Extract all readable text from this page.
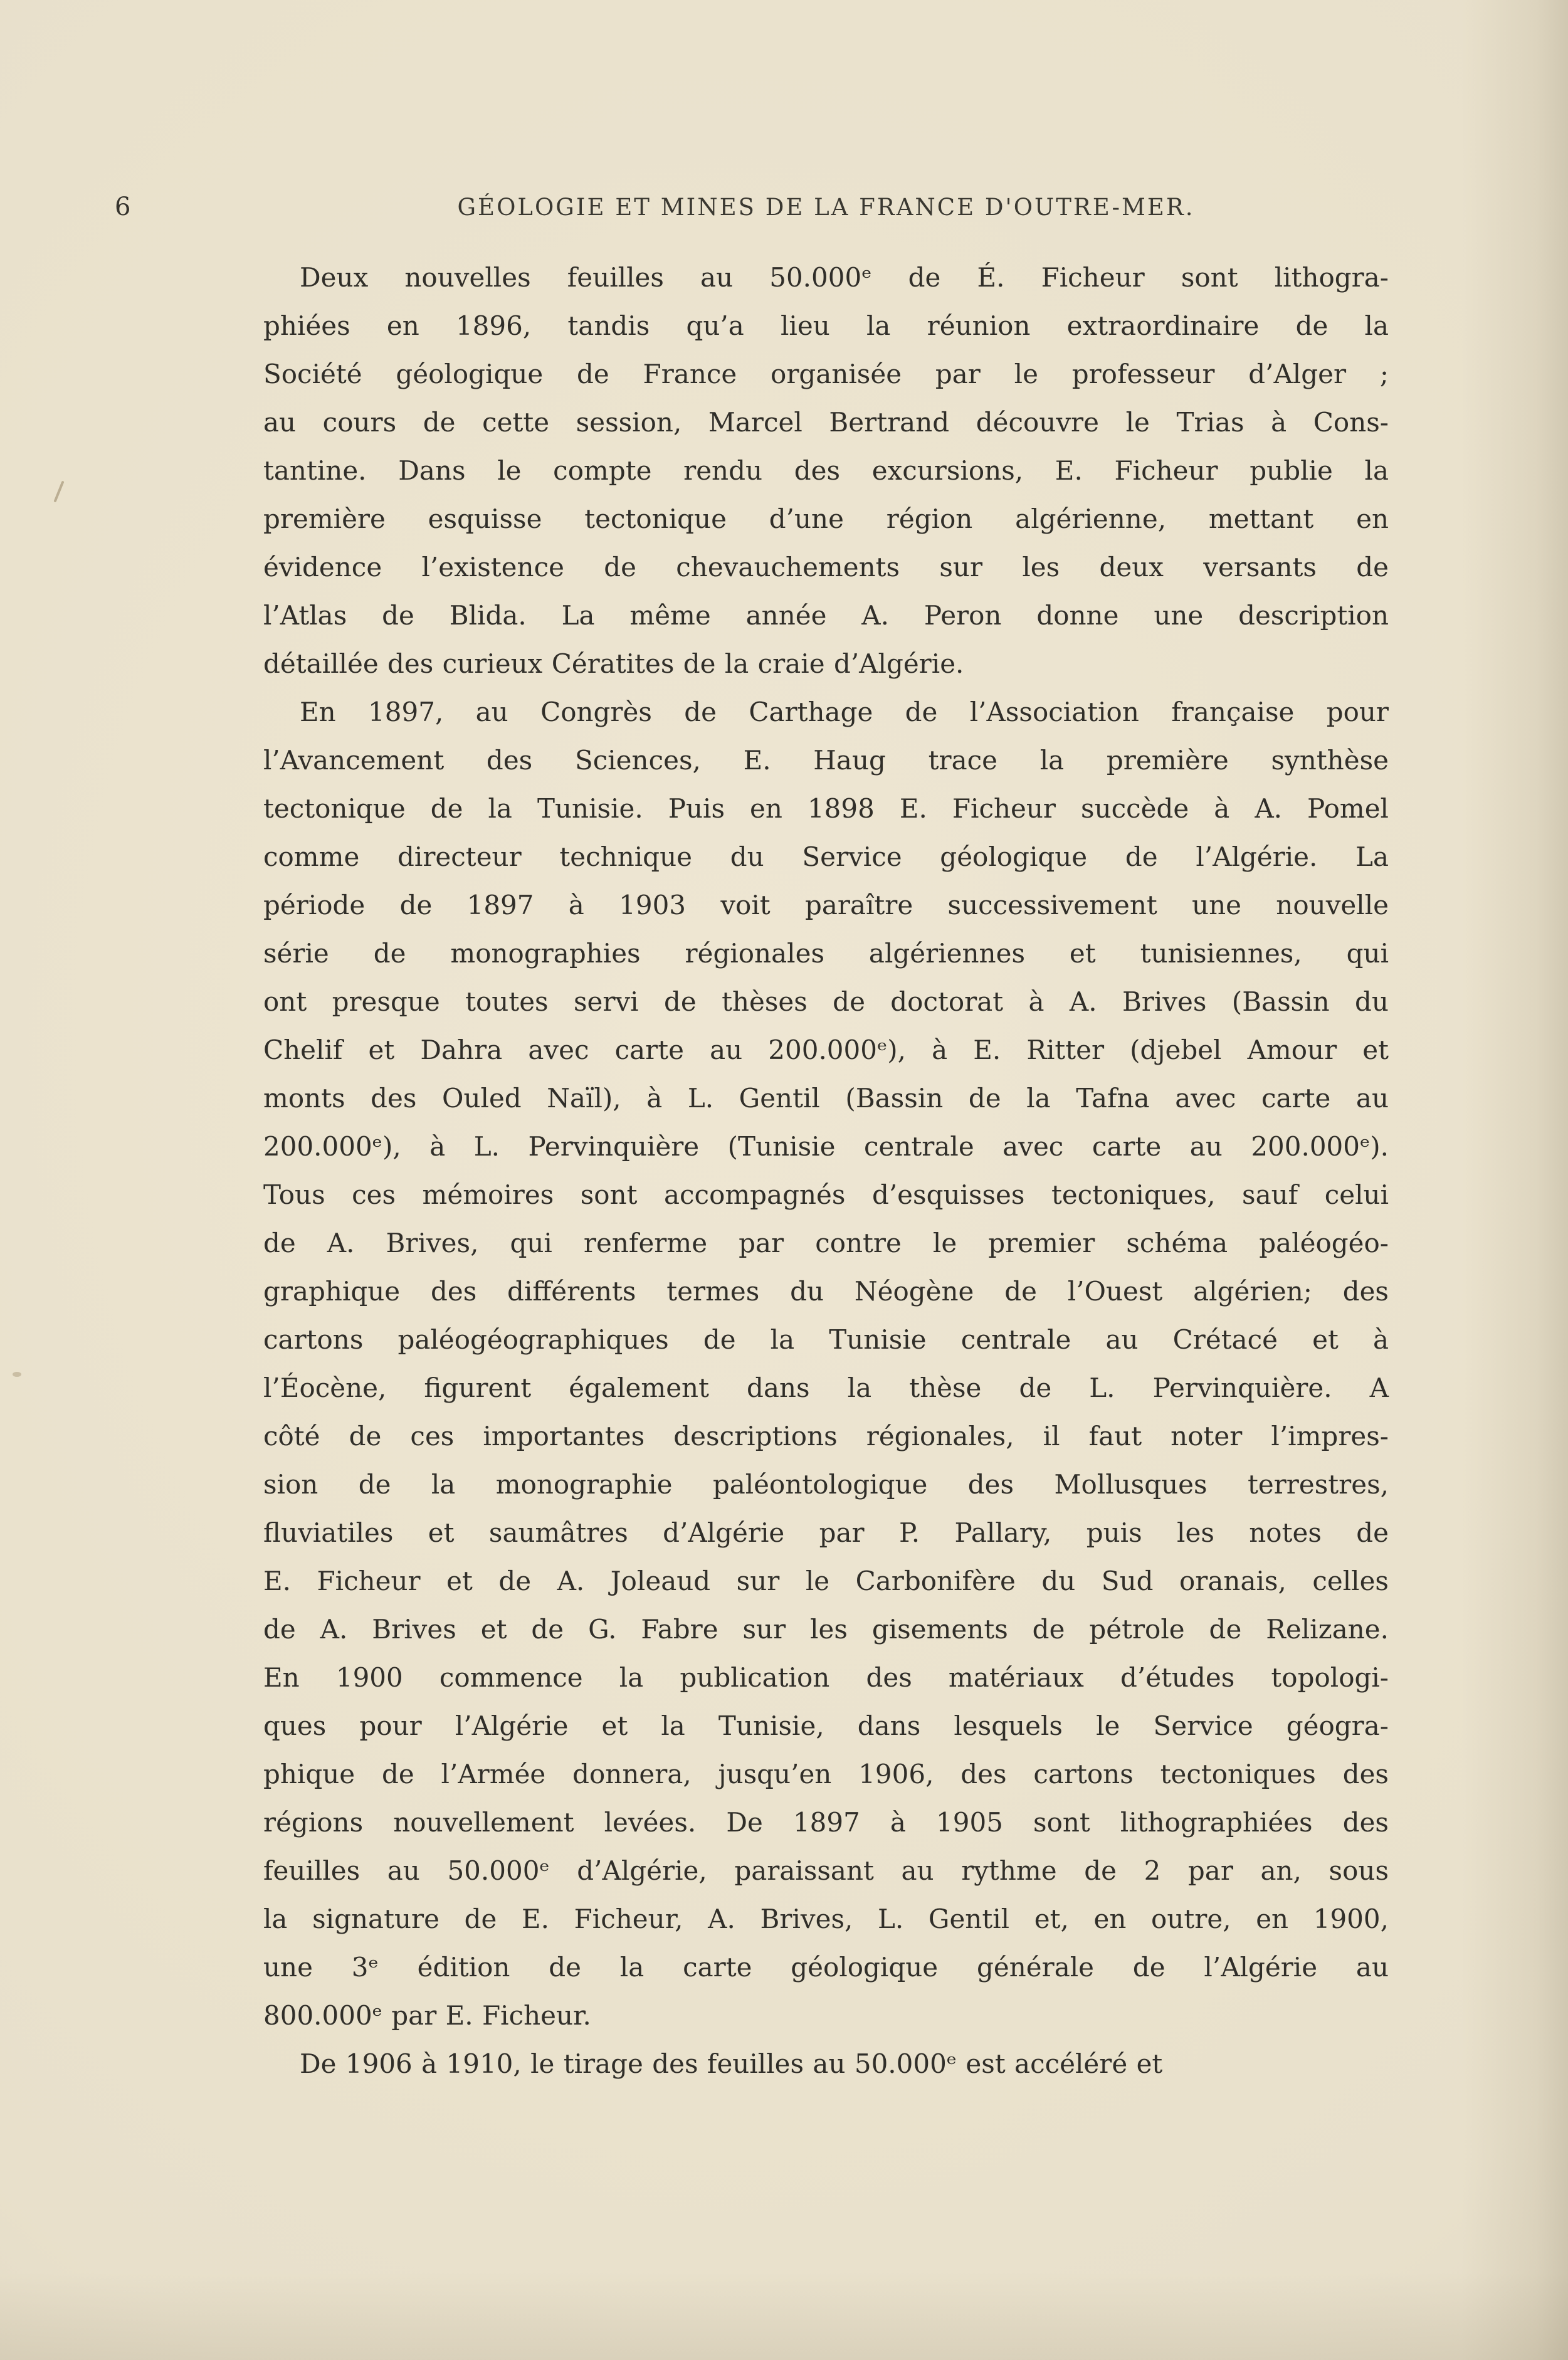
6	GÉOLOGIE ET MINES DE LA FRANCE D'OUTRE-MER.
Deux nouvelles feuilles au 50.000ᵉ de É. Ficheur sont lithogra-
phiées en 1896, tandis qu’a lieu la réunion extraordinaire de la
Société géologique de France organisée par le professeur d’Alger ;
au cours de cette session, Marcel Bertrand découvre le Trias à Cons-
tantine. Dans le compte rendu des excursions, E. Ficheur publie la
première esquisse tectonique d’une région algérienne, mettant en
évidence l’existence de chevauchements sur les deux versants de
l’Atlas de Blida. La même année A. Peron donne une description
détaillée des curieux Cératites de la craie d’Algérie.
En 1897, au Congrès de Carthage de l’Association française pour
l’Avancement des Sciences, E. Haug trace la première synthèse
tectonique de la Tunisie. Puis en 1898 E. Ficheur succède à A. Pomel
comme directeur technique du Service géologique de l’Algérie. La
période de 1897 à 1903 voit paraître successivement une nouvelle
série de monographies régionales algériennes et tunisiennes, qui
ont presque toutes servi de thèses de doctorat à A. Brives (Bassin du
Chelif et Dahra avec carte au 200.000ᵉ), à E. Ritter (djebel Amour et
monts des Ouled Naïl), à L. Gentil (Bassin de la Tafna avec carte au
200.000ᵉ), à L. Pervinquière (Tunisie centrale avec carte au 200.000ᵉ).
Tous ces mémoires sont accompagnés d’esquisses tectoniques, sauf celui
de A. Brives, qui renferme par contre le premier schéma paléogéo-
graphique des différents termes du Néogène de l’Ouest algérien; des
cartons paléogéographiques de la Tunisie centrale au Crétacé et à
l’Éocène, figurent également dans la thèse de L. Pervinquière. A
côté de ces importantes descriptions régionales, il faut noter l’impres-
sion de la monographie paléontologique des Mollusques terrestres,
fluviatiles et saumâtres d’Algérie par P. Pallary, puis les notes de
E. Ficheur et de A. Joleaud sur le Carbonifère du Sud oranais, celles
de A. Brives et de G. Fabre sur les gisements de pétrole de Relizane.
En 1900 commence la publication des matériaux d’études topologi-
ques pour l’Algérie et la Tunisie, dans lesquels le Service géogra-
phique de l’Armée donnera, jusqu’en 1906, des cartons tectoniques des
régions nouvellement levées. De 1897 à 1905 sont lithographiées des
feuilles au 50.000ᵉ d’Algérie, paraissant au rythme de 2 par an, sous
la signature de E. Ficheur, A. Brives, L. Gentil et, en outre, en 1900,
une 3ᵉ édition de la carte géologique générale de l’Algérie au
800.000ᵉ par E. Ficheur.
De 1906 à 1910, le tirage des feuilles au 50.000ᵉ est accéléré et
